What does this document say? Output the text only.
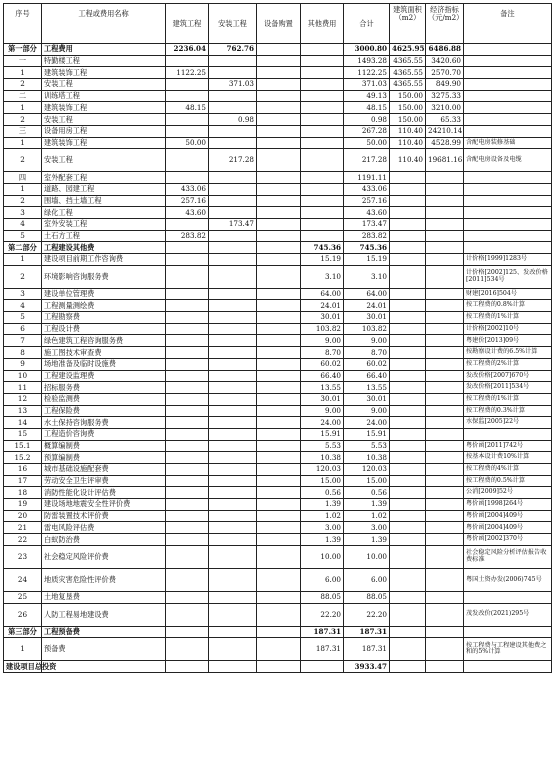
序号	工程或费用名称	建筑工程	安装工程	设备购置	其他费用	合计	建筑面积（m2）	经济指标（元/m2）	备注
第一部分	工程费用	2236.04	762.76			3000.80	4625.95	6486.88	
一	特勤楼工程					1493.28	4365.55	3420.60	
1	建筑装饰工程	1122.25				1122.25	4365.55	2570.70	
2	安装工程		371.03			371.03	4365.55	849.90	
二	训练塔工程					49.13	150.00	3275.33	
1	建筑装饰工程	48.15				48.15	150.00	3210.00	
2	安装工程		0.98			0.98	150.00	65.33	
三	设备用房工程					267.28	110.40	24210.14	
1	建筑装饰工程	50.00				50.00	110.40	4528.99	含配电房装修基础
2	安装工程		217.28			217.28	110.40	19681.16	含配电房设备及电缆
四	室外配套工程					1191.11			
1	道路、园建工程	433.06				433.06			
2	围墙、挡土墙工程	257.16				257.16			
3	绿化工程	43.60				43.60			
4	室外安装工程		173.47			173.47			
5	土石方工程	283.82				283.82			
第二部分	工程建设其他费				745.36	745.36			
1	建设项目前期工作咨询费				15.19	15.19			计价格[1999]1283号
2	环境影响咨询服务费				3.10	3.10			计价格[2002]125、发改价格[2011]534号
3	建设单位管理费				64.00	64.00			财建[2016]504号
4	工程测量测绘费				24.01	24.01			按工程费的0.8%计算
5	工程勘察费				30.01	30.01			按工程费的1%计算
6	工程设计费				103.82	103.82			计价格[2002]10号
7	绿色建筑工程咨询服务费				9.00	9.00			粤建价[2013]09号
8	施工图技术审查费				8.70	8.70			按勘察设计费的6.5%计算
9	场地准备及临时设施费				60.02	60.02			按工程费的2%计算
10	工程建设监理费				66.40	66.40			发改价格[2007]670号
11	招标服务费				13.55	13.55			发改价格[2011]534号
12	检验监测费				30.01	30.01			按工程费的1%计算
13	工程保险费				9.00	9.00			按工程费的0.3%计算
14	水土保持咨询服务费				24.00	24.00			水保监[2005]22号
15	工程造价咨询费				15.91	15.91			
15.1	概算编制费				5.53	5.53			粤价函[2011]742号
15.2	预算编制费				10.38	10.38			按基本设计费10%计算
16	城市基础设施配套费				120.03	120.03			按工程费的4%计算
17	劳动安全卫生评审费				15.00	15.00			按工程费的0.5%计算
18	消防性能化设计评估费				0.56	0.56			公消[2009]52号
19	建设场地地震安全性评价费				1.39	1.39			粤价函[1998]264号
20	防雷装置技术评价费				1.02	1.02			粤价函[2004]409号
21	雷电风险评估费				3.00	3.00			粤价函[2004]409号
22	白蚁防治费				1.39	1.39			粤价函[2002]370号
23	社会稳定风险评价费				10.00	10.00			社会稳定风险分析评估报告收费标准
24	地质灾害危险性评价费				6.00	6.00			粤国土资办发(2006)745号
25	土地复垦费				88.05	88.05			
26	人防工程易地建设费				22.20	22.20			茂发改价(2021)295号
第三部分	工程预备费				187.31	187.31			
1	预备费				187.31	187.31			按工程费与工程建设其他费之和的5%计算
建设项目总投资						3933.47			
